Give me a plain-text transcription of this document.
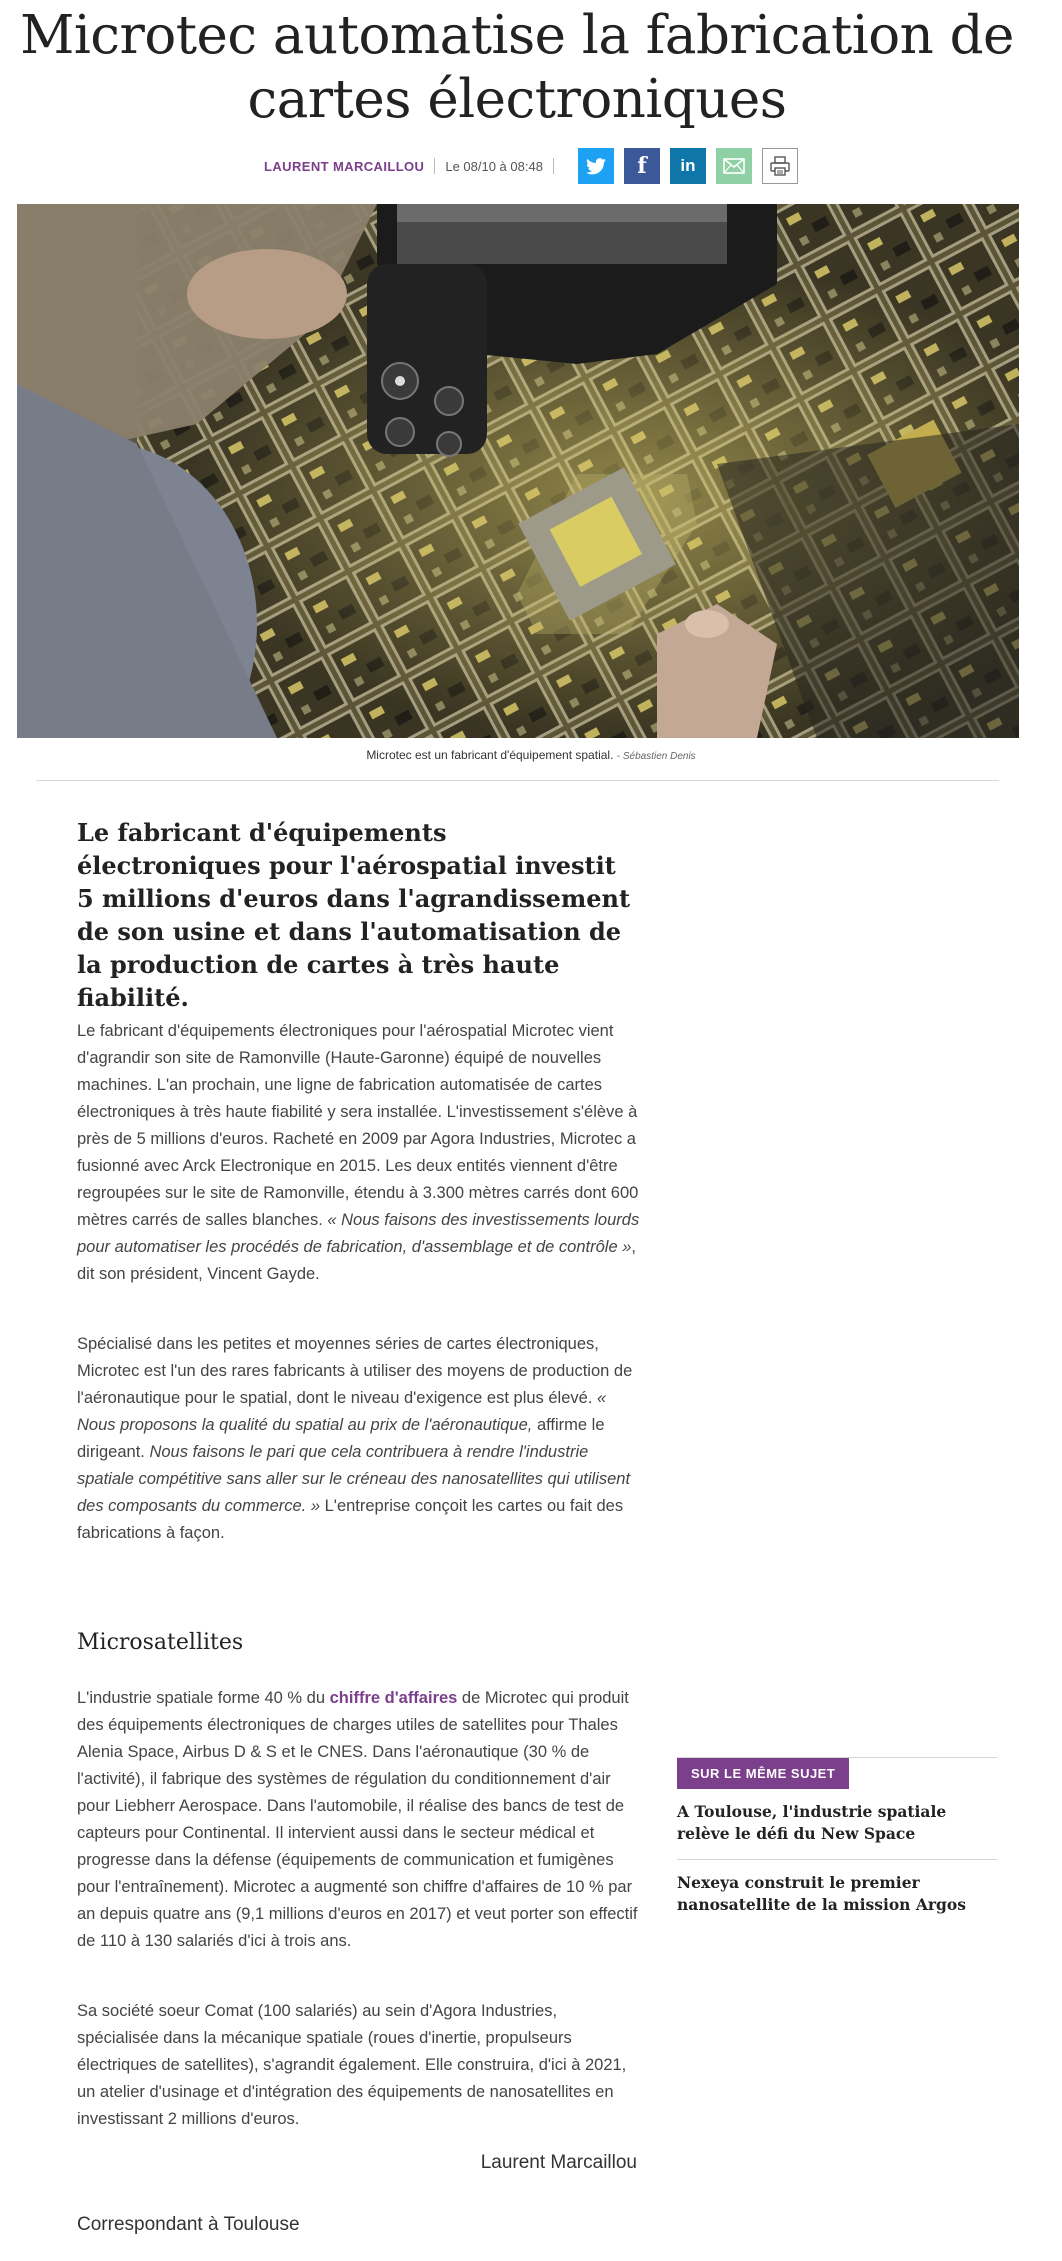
Microtec automatise la fabrication de cartes électroniques
LAURENT MARCAILLOU Le 08/10 à 08:48	f in
Microtec est un fabricant d'équipement spatial. - Sébastien Denis

Le fabricant d'équipements électroniques pour l'aérospatial investit 5 millions d'euros dans l'agrandissement de son usine et dans l'automatisation de la production de cartes à très haute fiabilité.

Le fabricant d'équipements électroniques pour l'aérospatial Microtec vient d'agrandir son site de Ramonville (Haute-Garonne) équipé de nouvelles machines. L'an prochain, une ligne de fabrication automatisée de cartes électroniques à très haute fiabilité y sera installée. L'investissement s'élève à près de 5 millions d'euros. Racheté en 2009 par Agora Industries, Microtec a fusionné avec Arck Electronique en 2015. Les deux entités viennent d'être regroupées sur le site de Ramonville, étendu à 3.300 mètres carrés dont 600 mètres carrés de salles blanches. « Nous faisons des investissements lourds pour automatiser les procédés de fabrication, d'assemblage et de contrôle », dit son président, Vincent Gayde.

Spécialisé dans les petites et moyennes séries de cartes électroniques, Microtec est l'un des rares fabricants à utiliser des moyens de production de l'aéronautique pour le spatial, dont le niveau d'exigence est plus élevé. « Nous proposons la qualité du spatial au prix de l'aéronautique, affirme le dirigeant. Nous faisons le pari que cela contribuera à rendre l'industrie spatiale compétitive sans aller sur le créneau des nanosatellites qui utilisent des composants du commerce. » L'entreprise conçoit les cartes ou fait des fabrications à façon.

Microsatellites

L'industrie spatiale forme 40 % du chiffre d'affaires de Microtec qui produit des équipements électroniques de charges utiles de satellites pour Thales Alenia Space, Airbus D & S et le CNES. Dans l'aéronautique (30 % de l'activité), il fabrique des systèmes de régulation du conditionnement d'air pour Liebherr Aerospace. Dans l'automobile, il réalise des bancs de test de capteurs pour Continental. Il intervient aussi dans le secteur médical et progresse dans la défense (équipements de communication et fumigènes pour l'entraînement). Microtec a augmenté son chiffre d'affaires de 10 % par an depuis quatre ans (9,1 millions d'euros en 2017) et veut porter son effectif de 110 à 130 salariés d'ici à trois ans.

Sa société soeur Comat (100 salariés) au sein d'Agora Industries, spécialisée dans la mécanique spatiale (roues d'inertie, propulseurs électriques de satellites), s'agrandit également. Elle construira, d'ici à 2021, un atelier d'usinage et d'intégration des équipements de nanosatellites en investissant 2 millions d'euros.

Laurent Marcaillou
Correspondant à Toulouse
SUR LE MÊME SUJET

A Toulouse, l'industrie spatiale relève le défi du New Space

Nexeya construit le premier nanosatellite de la mission Argos
